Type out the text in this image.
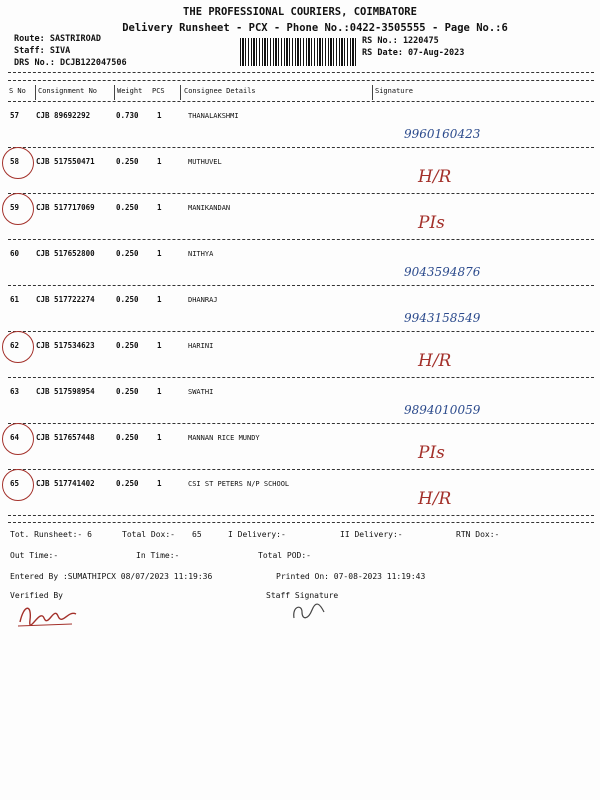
THE PROFESSIONAL COURIERS, COIMBATORE
Delivery Runsheet - PCX - Phone No.:0422-3505555 - Page No.:6
Route: SASTRIROAD
Staff: SIVA
DRS No.: DCJB122047506
RS No.: 1220475
RS Date: 07-Aug-2023
S No Consignment No	Weight PCS	Consignee Details	Signature
57 CJB 89692292	0.730 1	THANALAKSHMI
9960160423
58 CJB 517550471	0.250 1	MUTHUVEL
H/R
59 CJB 517717069	0.250 1	MANIKANDAN
PIs
60 CJB 517652800	0.250 1	NITHYA
9043594876
61 CJB 517722274	0.250 1	DHANRAJ
9943158549
62 CJB 517534623	0.250 1	HARINI
H/R
63 CJB 517598954	0.250 1	SWATHI
9894010059
64 CJB 517657448	0.250 1	MANNAN RICE MUNDY
PIs
65 CJB 517741402	0.250 1	CSI ST PETERS N/P SCHOOL
H/R
Tot. Runsheet:- 6	Total Dox:- 65	I Delivery:-	II Delivery:-	RTN Dox:-
Out Time:-	In Time:-	Total POD:-
Entered By :SUMATHIPCX 08/07/2023 11:19:36	Printed On: 07-08-2023 11:19:43
Verified By	Staff Signature
